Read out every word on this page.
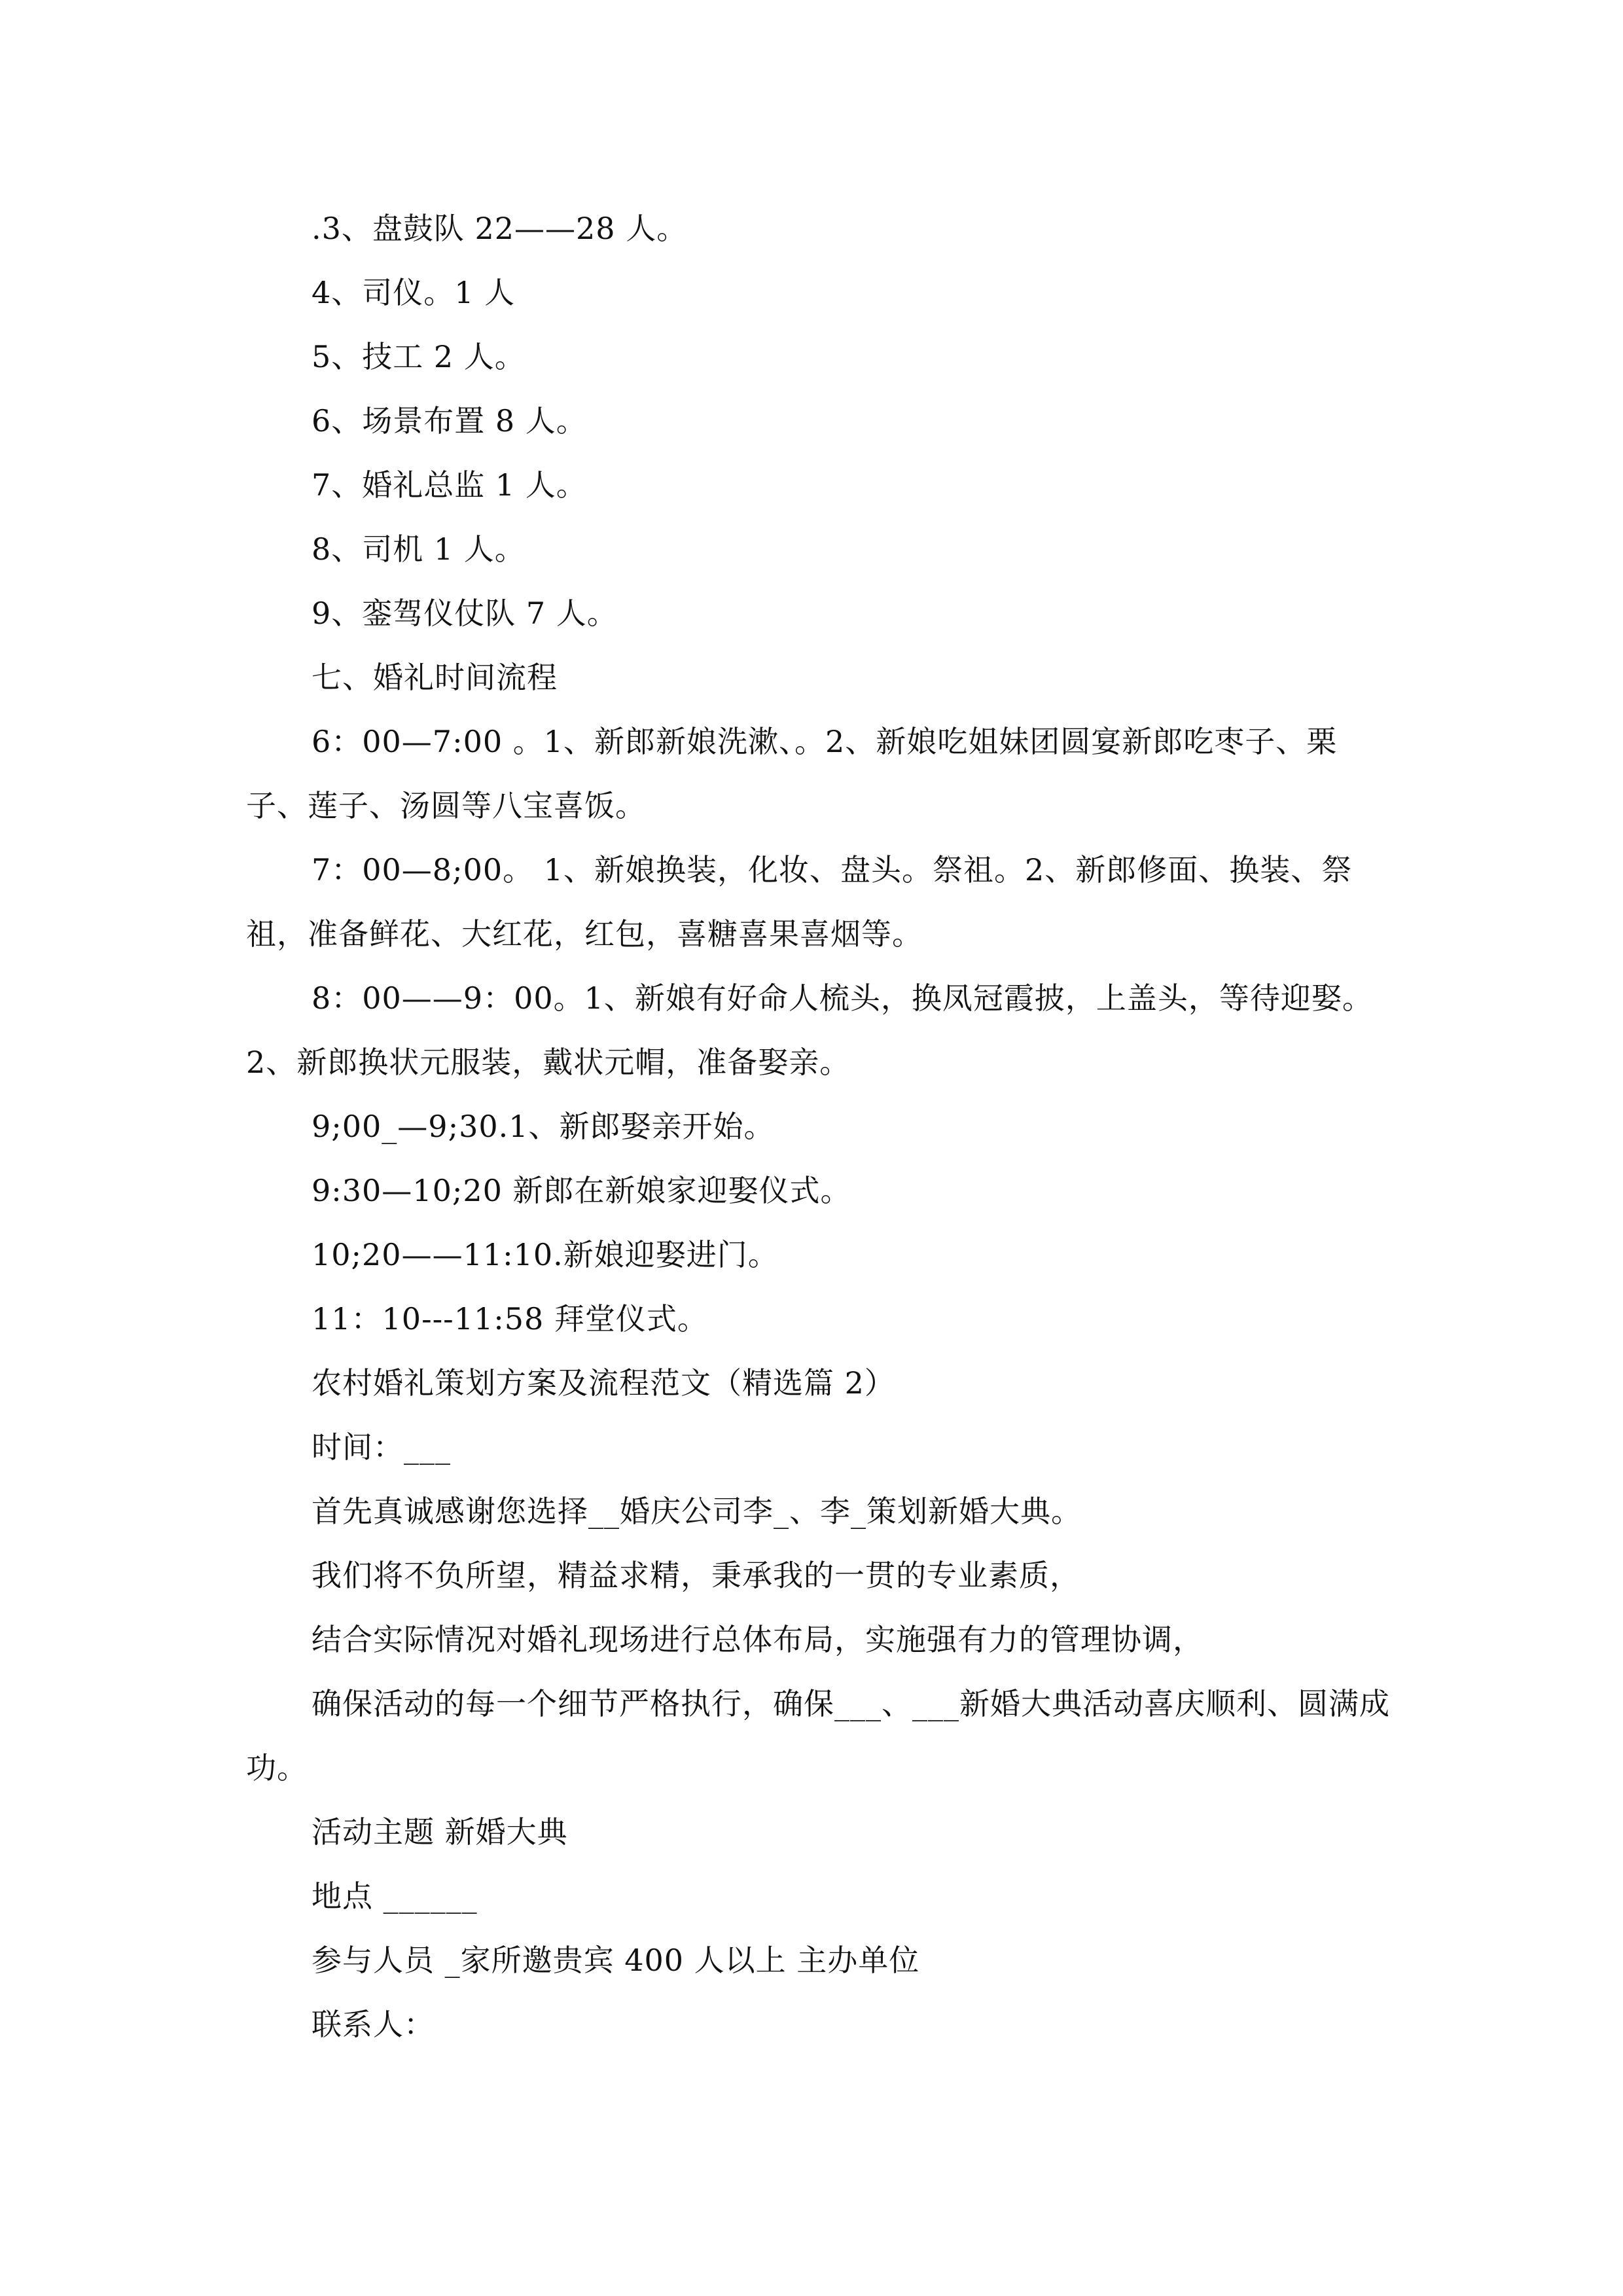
.3、盘鼓队 22——28 人。

4、司仪。1 人

5、技工 2 人。

6、场景布置 8 人。

7、婚礼总监 1 人。

8、司机 1 人。

9、銮驾仪仗队 7 人。

七、婚礼时间流程

6：00—7:00 。1、新郎新娘洗漱、。2、新娘吃姐妹团圆宴新郎吃枣子、栗子、莲子、汤圆等八宝喜饭。

7：00—8;00。 1、新娘换装，化妆、盘头。祭祖。2、新郎修面、换装、祭祖，准备鲜花、大红花，红包，喜糖喜果喜烟等。

8：00——9：00。1、新娘有好命人梳头，换凤冠霞披，上盖头，等待迎娶。2、新郎换状元服装，戴状元帽，准备娶亲。

9;00_—9;30.1、新郎娶亲开始。

9:30—10;20 新郎在新娘家迎娶仪式。

10;20——11:10.新娘迎娶进门。

11：10---11:58 拜堂仪式。

农村婚礼策划方案及流程范文（精选篇 2）

时间：___

首先真诚感谢您选择__婚庆公司李_、李_策划新婚大典。

我们将不负所望，精益求精，秉承我的一贯的专业素质，

结合实际情况对婚礼现场进行总体布局，实施强有力的管理协调，

确保活动的每一个细节严格执行，确保___、___新婚大典活动喜庆顺利、圆满成功。

活动主题 新婚大典

地点 ______

参与人员 _家所邀贵宾 400 人以上 主办单位

联系人：
